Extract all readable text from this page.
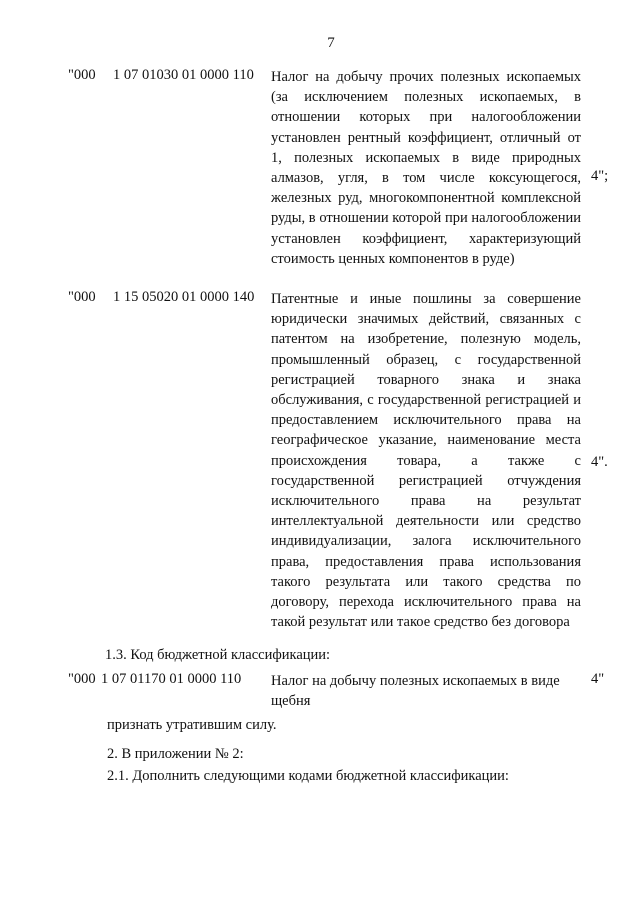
7
"000 1 07 01030 01 0000 110 Налог на добычу прочих полезных ископаемых (за исключением полезных ископаемых, в отношении которых при налогообложении установлен рентный коэффициент, отличный от 1, полезных ископаемых в виде природных алмазов, угля, в том числе коксующегося, железных руд, многокомпонентной комплексной руды, в отношении которой при налогообложении установлен коэффициент, характеризующий стоимость ценных компонентов в руде)
4";
"000 1 15 05020 01 0000 140 Патентные и иные пошлины за совершение юридически значимых действий, связанных с патентом на изобретение, полезную модель, промышленный образец, с государственной регистрацией товарного знака и знака обслуживания, с государственной регистрацией и предоставлением исключительного права на географическое указание, наименование места происхождения товара, а также с государственной регистрацией отчуждения исключительного права на результат интеллектуальной деятельности или средство индивидуализации, залога исключительного права, предоставления права использования такого результата или такого средства по договору, перехода исключительного права на такой результат или такое средство без договора
4".
1.3. Код бюджетной классификации:
"000 1 07 01170 01 0000 110 Налог на добычу полезных ископаемых в виде щебня
4"
признать утратившим силу.
2. В приложении № 2:
2.1. Дополнить следующими кодами бюджетной классификации:
